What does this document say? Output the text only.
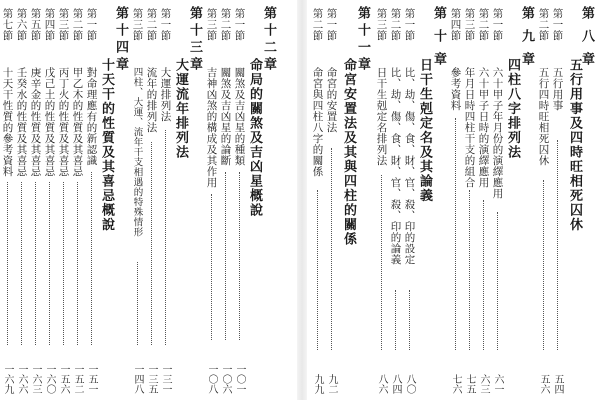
第八章
五行用事及四時旺相死囚休
第一節
五行用事
五四
第二節
五行四時旺相死囚休
五六
第九章
四柱八字排列法
第一節
六十甲子年月份的演繹應用
六一
第二節
六十甲子日時的演繹應用
六三
第三節
年月日時四柱干支的組合
七五
第四節
參考資料
七六
第十章
日干生剋定名及其論義
第一節
比、劫、傷、食、財、官、殺、印的設定
八〇
第二節
比、劫、傷、食、財、官、殺、印的論義
八四
第三節
日干生剋定名排列法
八六
第十一章
命宮安置法及其與四柱的關係
第一節
命宮的安置法
九二
第二節
命宮與四柱八字的關係
九九
第十二章
命局的關煞及吉凶星概說
第一節
關煞及吉凶星的種類
一〇一
第二節
關煞及吉凶星的論斷
一〇六
第三節
吉神凶煞的構成及其作用
一〇八
第十三章
大運流年排列法
第一節
大運排列法
一三一
第二節
流年的排列法
一三五
第三節
四柱、大運、流年干支相遇的特殊情形
一四八
第十四章
十天干的性質及其喜忌概說
第一節
對命理應有的新認識
一五一
第二節
甲乙木的性質及其喜忌
一五二
第三節
丙丁火的性質及其喜忌
一五六
第四節
戊己土的性質及其喜忌
一六〇
第五節
庚辛金的性質及其喜忌
一六三
第六節
壬癸水的性質及其喜忌
一六六
第七節
十天干性質的參考資料
一六九
